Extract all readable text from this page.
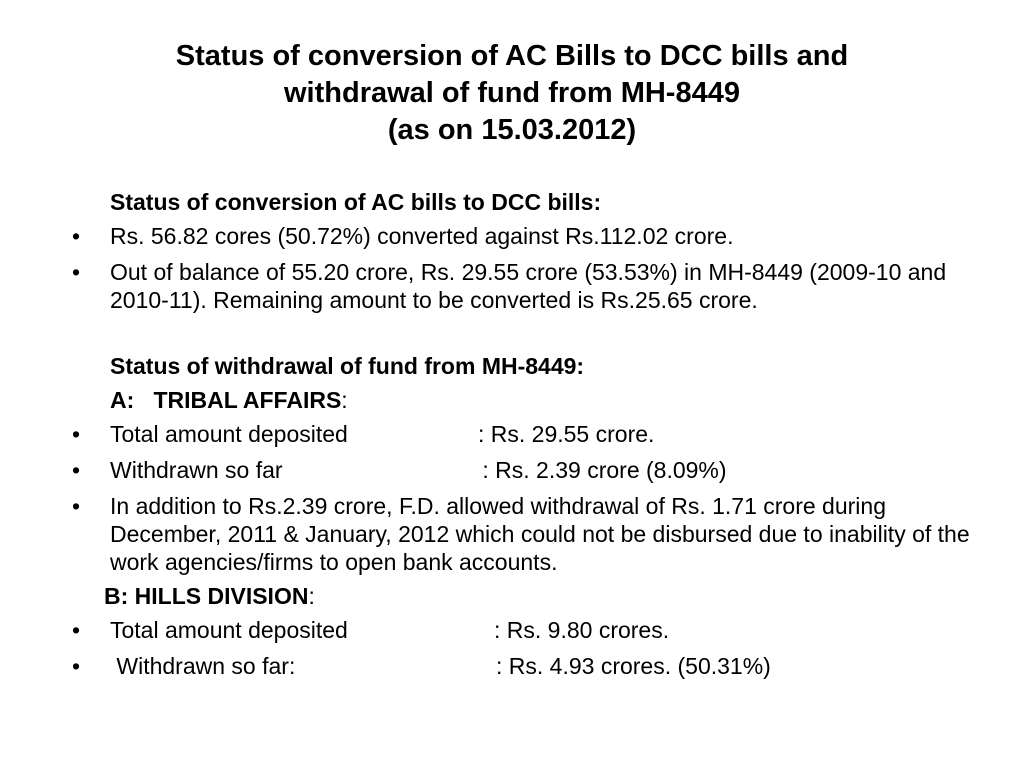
Status of conversion of AC Bills to DCC bills and
withdrawal of fund from MH-8449
(as on 15.03.2012)

Status of conversion of AC bills to DCC bills:

• Rs. 56.82 cores (50.72%) converted against Rs.112.02 crore.

• Out of balance of 55.20 crore, Rs. 29.55 crore (53.53%) in MH-8449 (2009-10 and 2010-11). Remaining amount to be converted is Rs.25.65 crore.

Status of withdrawal of fund from MH-8449:

A:   TRIBAL AFFAIRS:

• Total amount deposited	: Rs. 29.55 crore.

• Withdrawn so far	: Rs. 2.39 crore (8.09%)

• In addition to Rs.2.39 crore, F.D. allowed withdrawal of Rs. 1.71 crore during December, 2011 & January, 2012 which could not be disbursed due to inability of the work agencies/firms to open bank accounts.

B: HILLS DIVISION:

• Total amount deposited	: Rs. 9.80 crores.

• Withdrawn so far:	: Rs. 4.93 crores. (50.31%)
